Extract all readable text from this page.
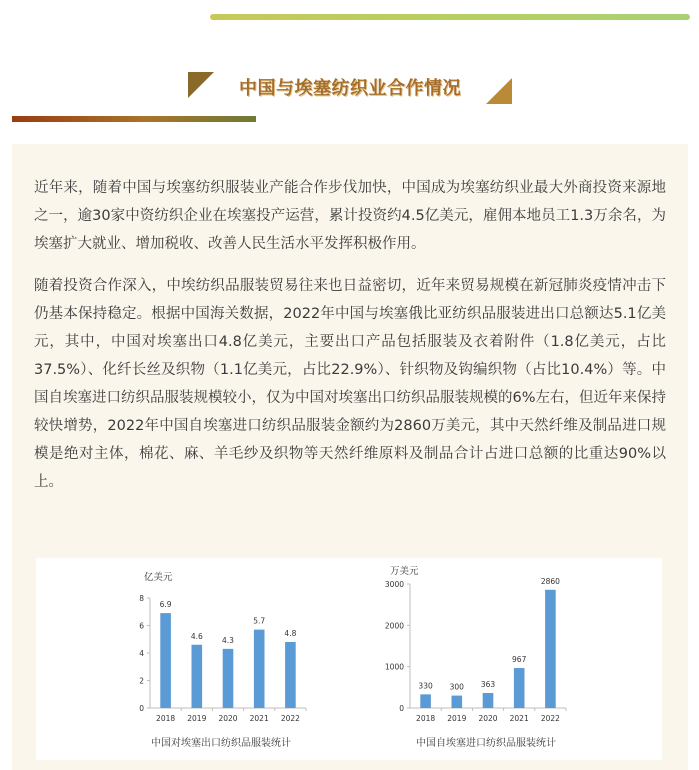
中国与埃塞纺织业合作情况

近年来，随着中国与埃塞纺织服装业产能合作步伐加快，中国成为埃塞纺织业最大外商投资来源地之一，逾30家中资纺织企业在埃塞投产运营，累计投资约4.5亿美元，雇佣本地员工1.3万余名，为埃塞扩大就业、增加税收、改善人民生活水平发挥积极作用。

随着投资合作深入，中埃纺织品服装贸易往来也日益密切，近年来贸易规模在新冠肺炎疫情冲击下仍基本保持稳定。根据中国海关数据，2022年中国与埃塞俄比亚纺织品服装进出口总额达5.1亿美元，其中，中国对埃塞出口4.8亿美元，主要出口产品包括服装及衣着附件（1.8亿美元，占比37.5%）、化纤长丝及织物（1.1亿美元，占比22.9%）、针织物及钩编织物（占比10.4%）等。中国自埃塞进口纺织品服装规模较小，仅为中国对埃塞出口纺织品服装规模的6%左右，但近年来保持较快增势，2022年中国自埃塞进口纺织品服装金额约为2860万美元，其中天然纤维及制品进口规模是绝对主体，棉花、麻、羊毛纱及织物等天然纤维原料及制品合计占进口总额的比重达90%以上。

亿美元
0
2
4
6
8
6.9
2018
4.6
2019
4.3
2020
5.7
2021
4.8
2022
中国对埃塞出口纺织品服装统计
万美元
0
1000
2000
3000
330
2018
300
2019
363
2020
967
2021
2860
2022
中国自埃塞进口纺织品服装统计
